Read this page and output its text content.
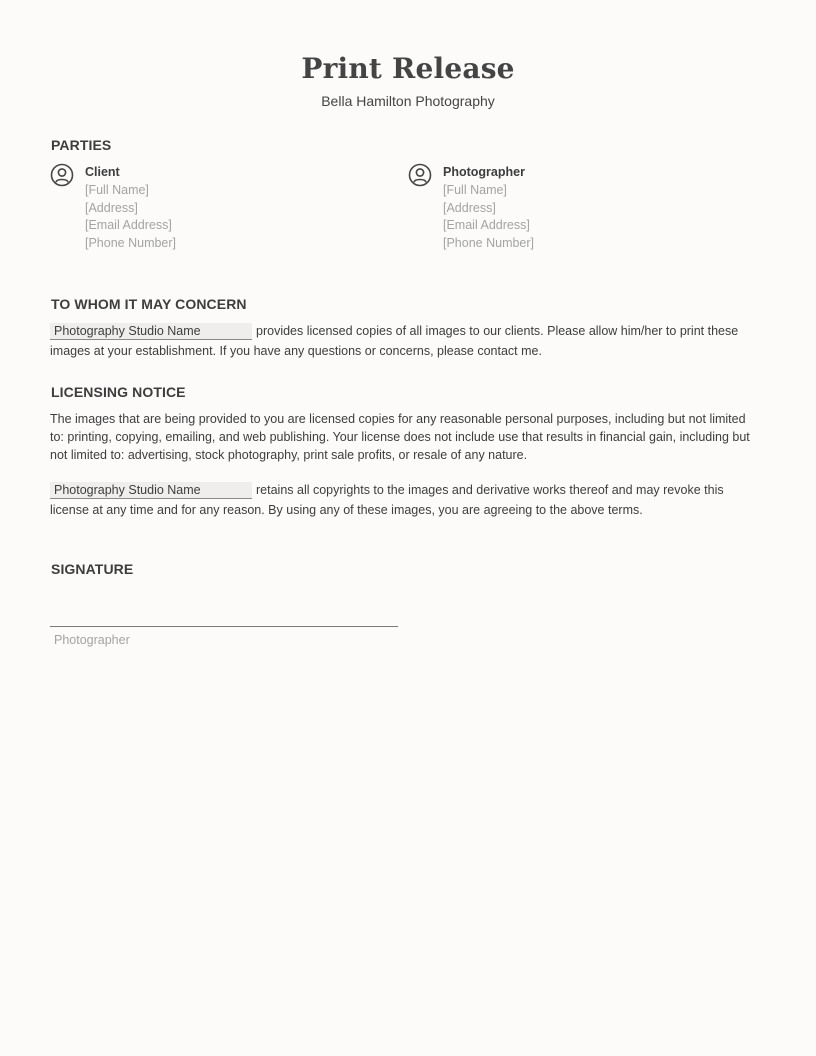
Print Release
Bella Hamilton Photography
PARTIES
Client
[Full Name]
[Address]
[Email Address]
[Phone Number]
Photographer
[Full Name]
[Address]
[Email Address]
[Phone Number]
TO WHOM IT MAY CONCERN
Photography Studio Name	provides licensed copies of all images to our clients. Please allow him/her to print these images at your establishment. If you have any questions or concerns, please contact me.
LICENSING NOTICE
The images that are being provided to you are licensed copies for any reasonable personal purposes, including but not limited to: printing, copying, emailing, and web publishing. Your license does not include use that results in financial gain, including but not limited to: advertising, stock photography, print sale profits, or resale of any nature.
Photography Studio Name	retains all copyrights to the images and derivative works thereof and may revoke this license at any time and for any reason. By using any of these images, you are agreeing to the above terms.
SIGNATURE
Photographer
